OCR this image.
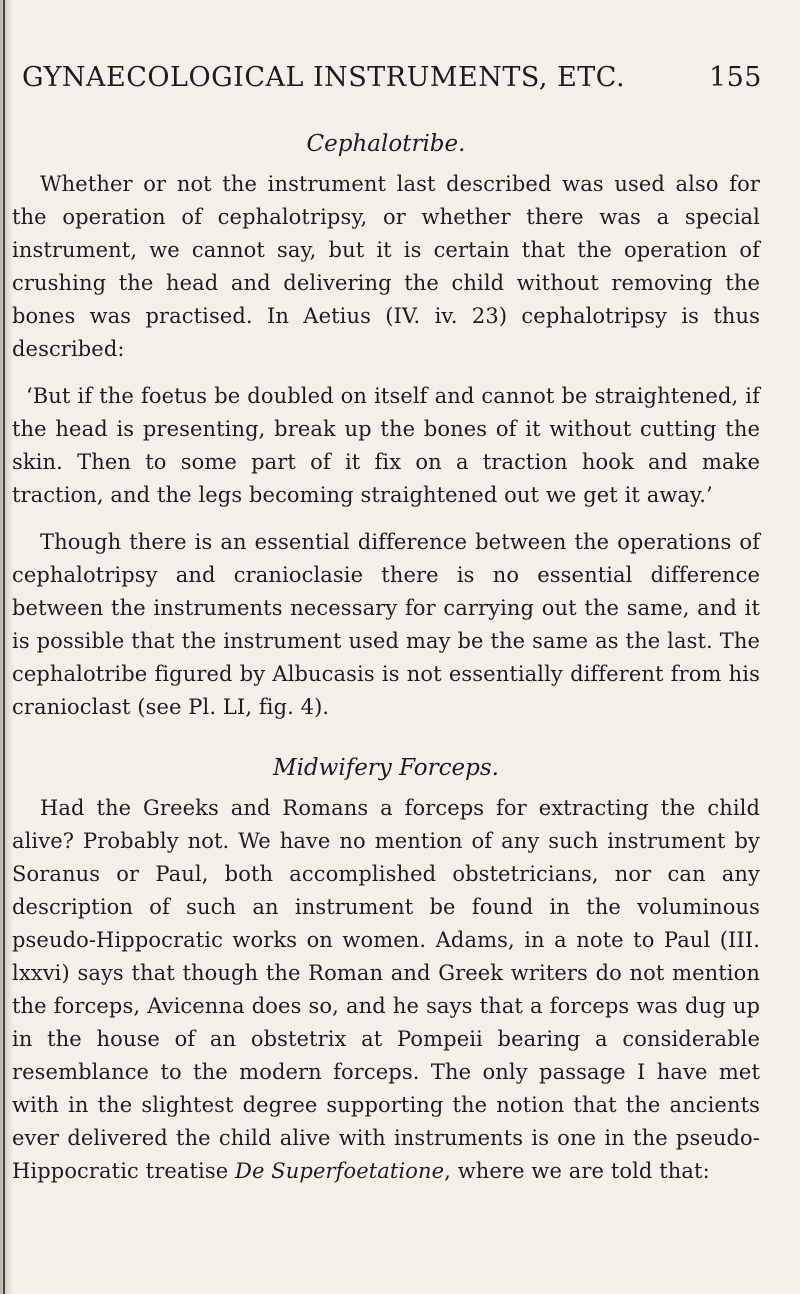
GYNAECOLOGICAL INSTRUMENTS, ETC.	155
Cephalotribe.

Whether or not the instrument last described was used also for the operation of cephalotripsy, or whether there was a special instrument, we cannot say, but it is certain that the operation of crushing the head and delivering the child without removing the bones was practised. In Aetius (IV. iv. 23) cephalotripsy is thus described:

‘But if the foetus be doubled on itself and cannot be straightened, if the head is presenting, break up the bones of it without cutting the skin. Then to some part of it fix on a traction hook and make traction, and the legs becoming straightened out we get it away.’

Though there is an essential difference between the operations of cephalotripsy and cranioclasie there is no essential difference between the instruments necessary for carrying out the same, and it is possible that the instrument used may be the same as the last. The cephalotribe figured by Albucasis is not essentially different from his cranioclast (see Pl. LI, fig. 4).

Midwifery Forceps.

Had the Greeks and Romans a forceps for extracting the child alive? Probably not. We have no mention of any such instrument by Soranus or Paul, both accomplished obstetricians, nor can any description of such an instrument be found in the voluminous pseudo-Hippocratic works on women. Adams, in a note to Paul (III. lxxvi) says that though the Roman and Greek writers do not mention the forceps, Avicenna does so, and he says that a forceps was dug up in the house of an obstetrix at Pompeii bearing a considerable resemblance to the modern forceps. The only passage I have met with in the slightest degree supporting the notion that the ancients ever delivered the child alive with instruments is one in the pseudo-Hippocratic treatise De Superfoetatione, where we are told that:
